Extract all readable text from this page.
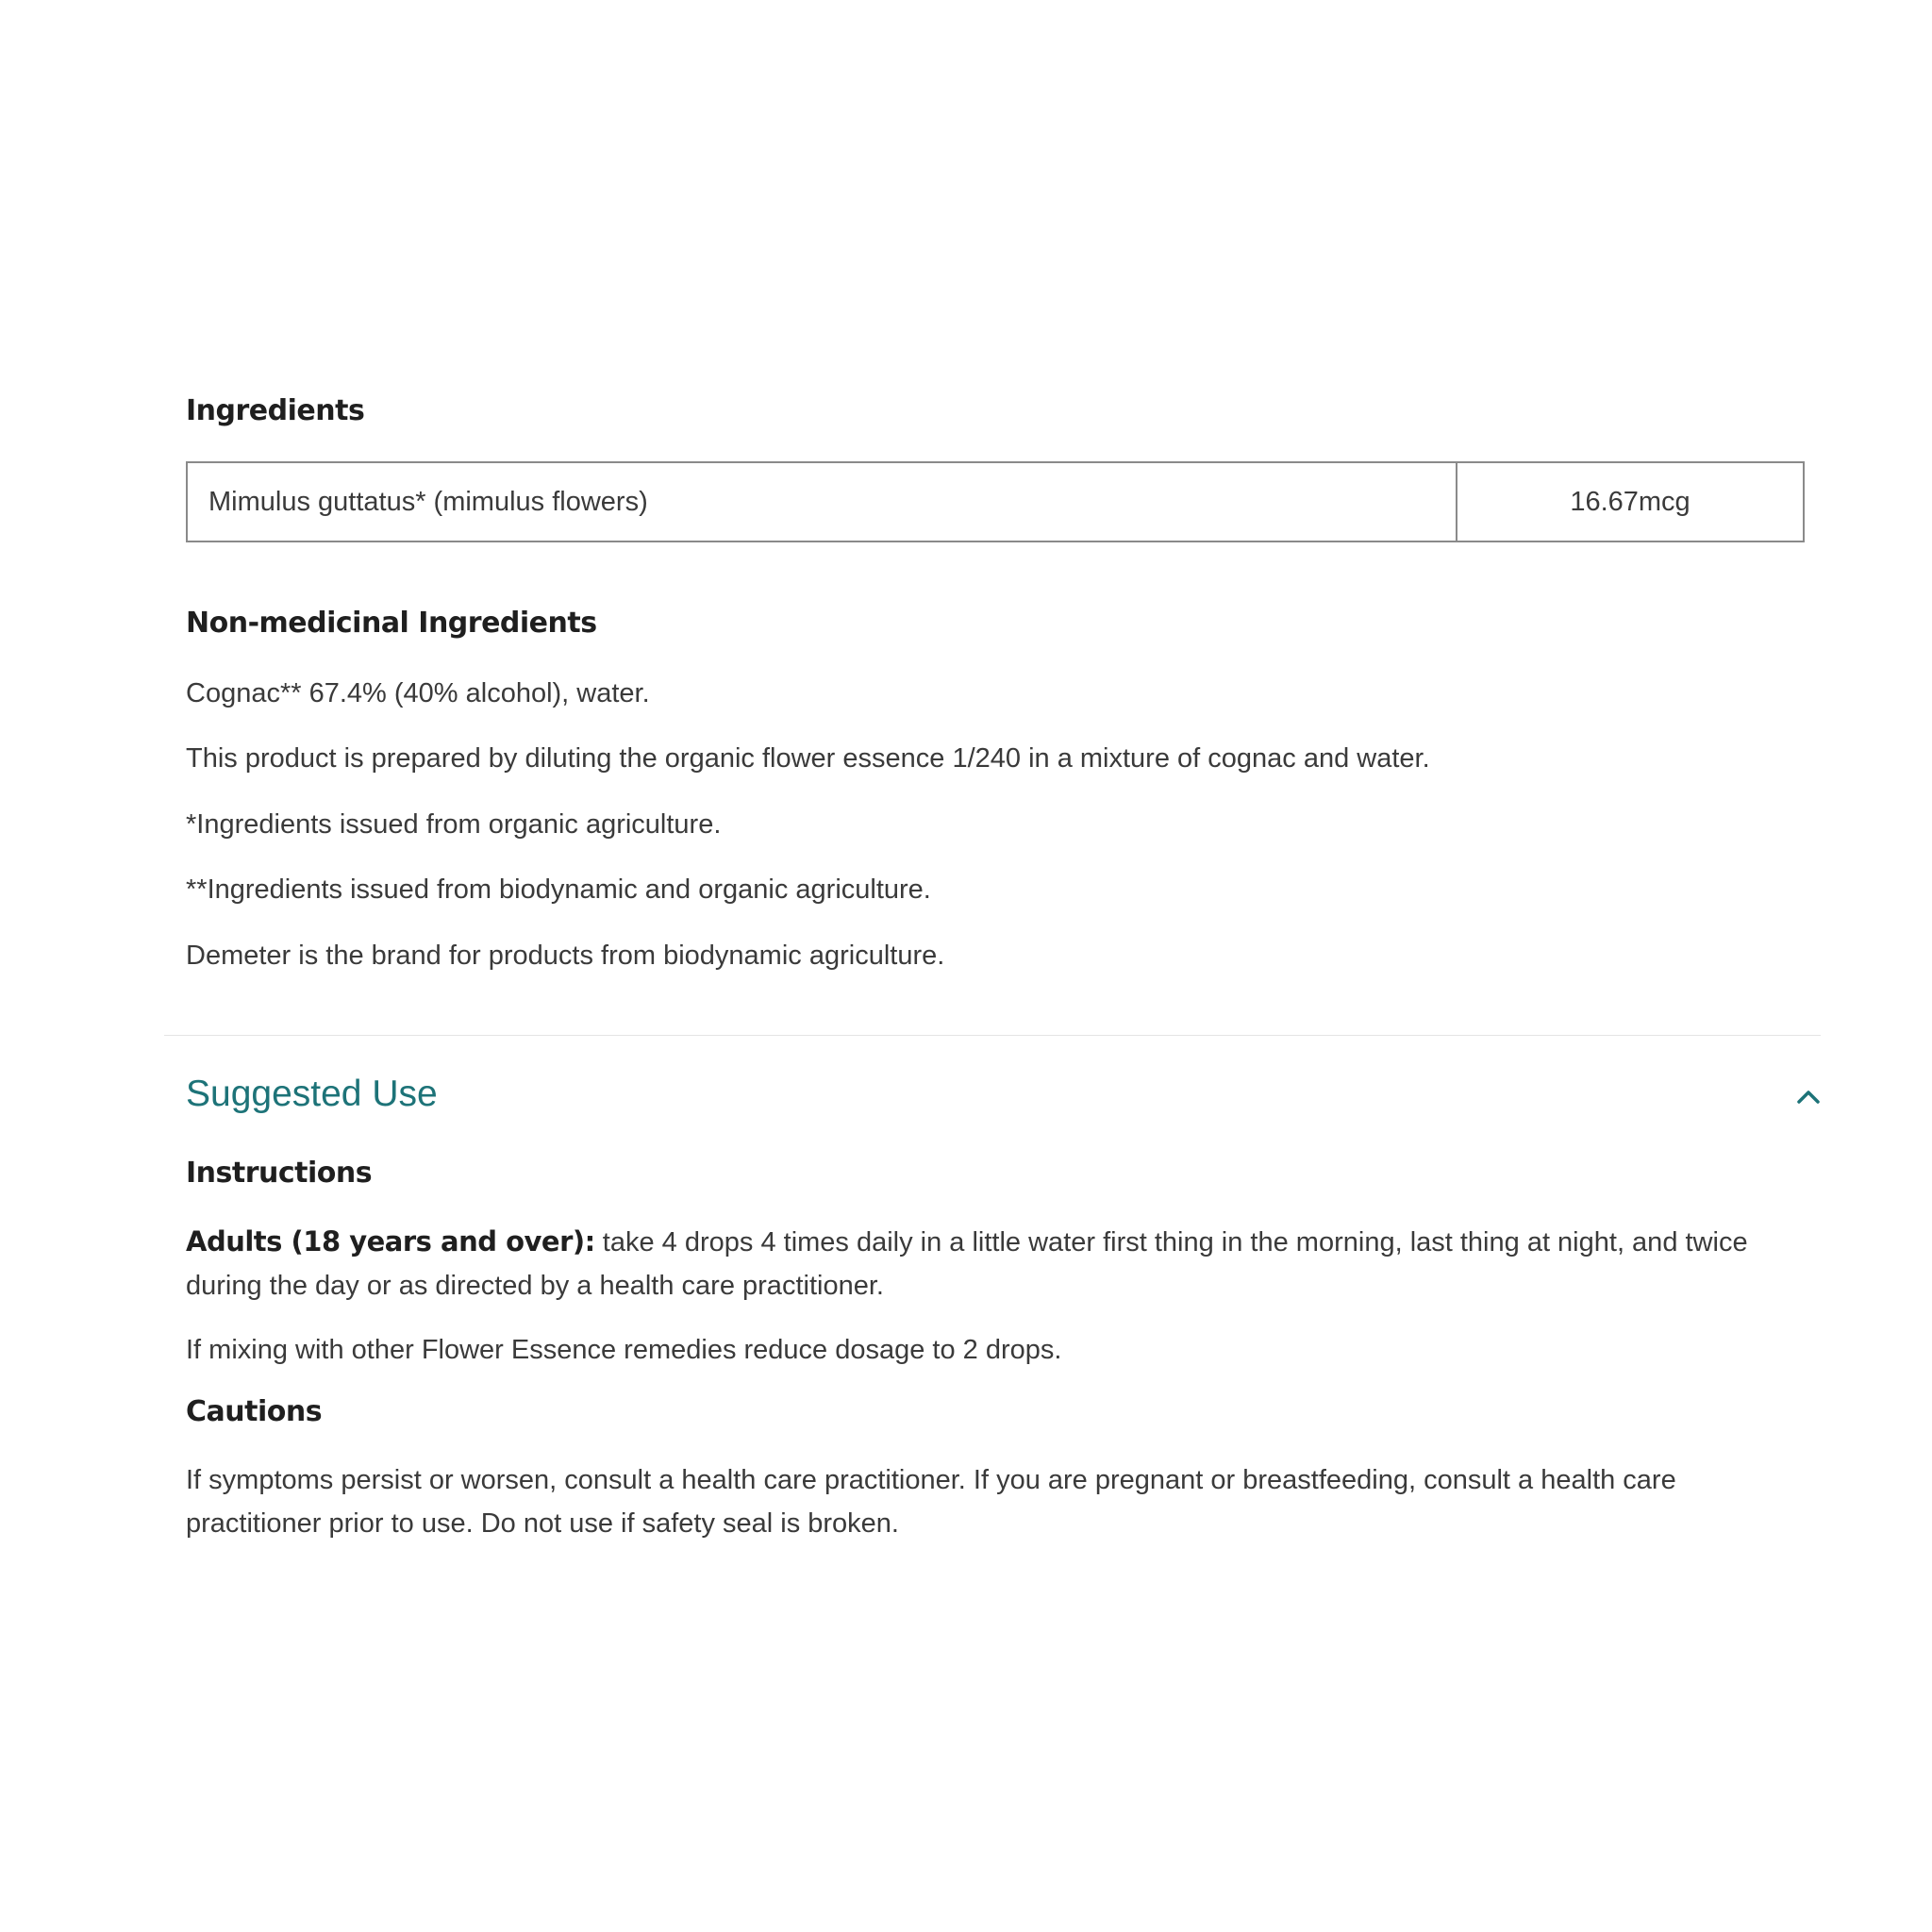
Ingredients
Mimulus guttatus* (mimulus flowers)	16.67mcg
Non-medicinal Ingredients

Cognac** 67.4% (40% alcohol), water.

This product is prepared by diluting the organic flower essence 1/240 in a mixture of cognac and water.

*Ingredients issued from organic agriculture.

**Ingredients issued from biodynamic and organic agriculture.

Demeter is the brand for products from biodynamic agriculture.

Suggested Use
Instructions

Adults (18 years and over): take 4 drops 4 times daily in a little water first thing in the morning, last thing at night, and twice during the day or as directed by a health care practitioner.

If mixing with other Flower Essence remedies reduce dosage to 2 drops.

Cautions

If symptoms persist or worsen, consult a health care practitioner. If you are pregnant or breastfeeding, consult a health care practitioner prior to use. Do not use if safety seal is broken.
